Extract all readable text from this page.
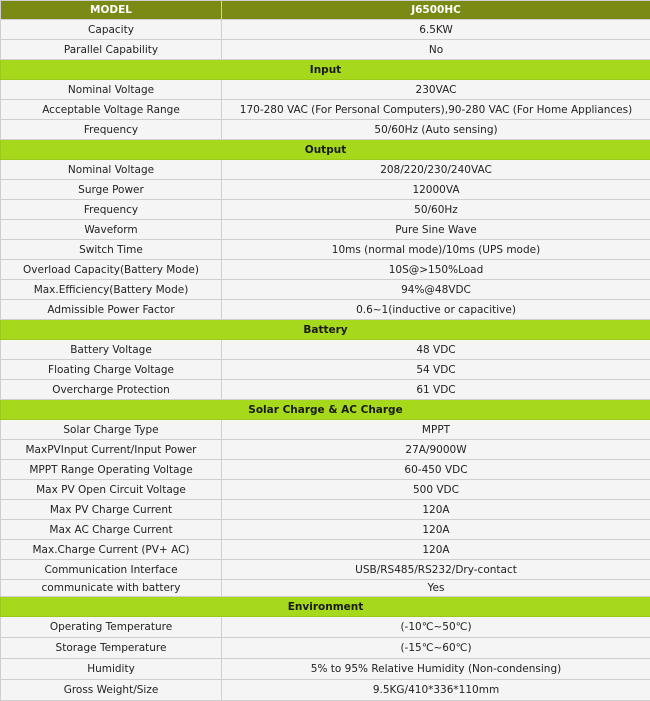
MODEL	J6500HC
Capacity	6.5KW
Parallel Capability	No
Input	
Nominal Voltage	230VAC
Acceptable Voltage Range	170-280 VAC (For Personal Computers),90-280 VAC (For Home Appliances)
Frequency	50/60Hz (Auto sensing)
Output	
Nominal Voltage	208/220/230/240VAC
Surge Power	12000VA
Frequency	50/60Hz
Waveform	Pure Sine Wave
Switch Time	10ms (normal mode)/10ms (UPS mode)
Overload Capacity(Battery Mode)	10S@>150%Load
Max.Efficiency(Battery Mode)	94%@48VDC
Admissible Power Factor	0.6~1(inductive or capacitive)
Battery	
Battery Voltage	48 VDC
Floating Charge Voltage	54 VDC
Overcharge Protection	61 VDC
Solar Charge & AC Charge	
Solar Charge Type	MPPT
MaxPVInput Current/Input Power	27A/9000W
MPPT Range Operating Voltage	60-450 VDC
Max PV Open Circuit Voltage	500 VDC
Max PV Charge Current	120A
Max AC Charge Current	120A
Max.Charge Current (PV+ AC)	120A
Communication Interface	USB/RS485/RS232/Dry-contact
communicate with battery	Yes
Environment	
Operating Temperature	(-10℃~50℃)
Storage Temperature	(-15℃~60℃)
Humidity	5% to 95% Relative Humidity (Non-condensing)
Gross Weight/Size	9.5KG/410*336*110mm
